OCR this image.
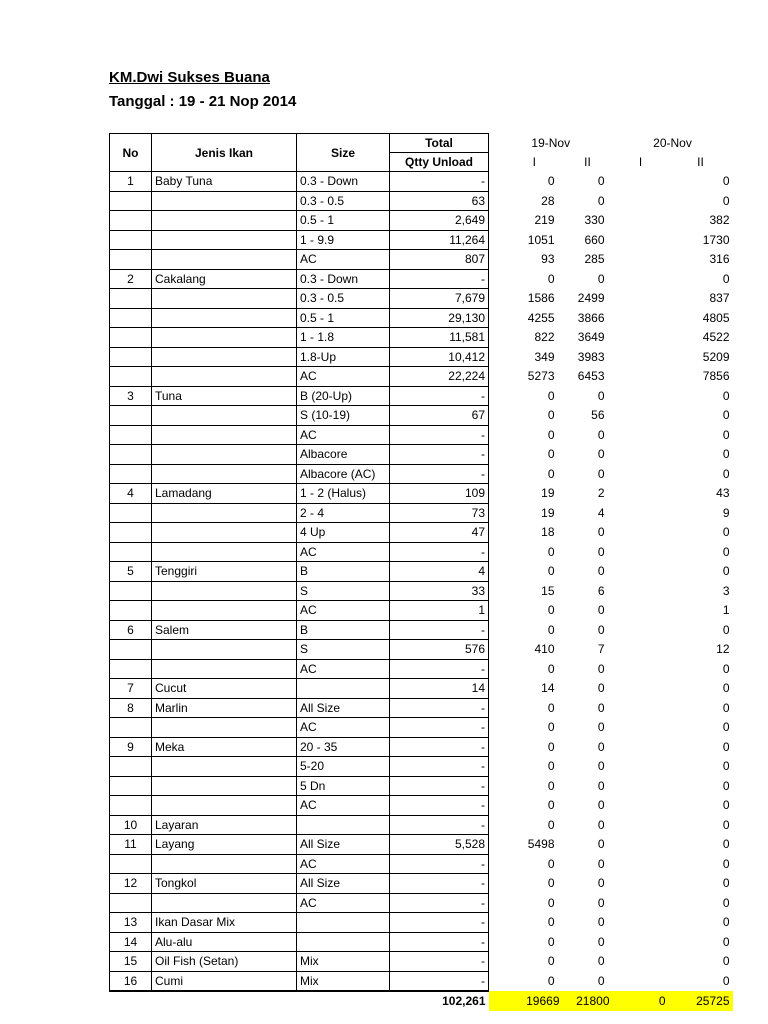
KM.Dwi Sukses Buana
Tanggal : 19 - 21 Nop 2014
No	Jenis Ikan	Size	Total	19-Nov		20-Nov	
			Qtty Unload	I	II	I	II
1	Baby Tuna	0.3 - Down	-	0	0		0
		0.3 - 0.5	63	28	0		0
		0.5 - 1	2,649	219	330		382
		1 - 9.9	11,264	1051	660		1730
		AC	807	93	285		316
2	Cakalang	0.3 - Down	-	0	0		0
		0.3 - 0.5	7,679	1586	2499		837
		0.5 - 1	29,130	4255	3866		4805
		1 - 1.8	11,581	822	3649		4522
		1.8-Up	10,412	349	3983		5209
		AC	22,224	5273	6453		7856
3	Tuna	B (20-Up)	-	0	0		0
		S (10-19)	67	0	56		0
		AC	-	0	0		0
		Albacore	-	0	0		0
		Albacore (AC)	-	0	0		0
4	Lamadang	1 - 2 (Halus)	109	19	2		43
		2 - 4	73	19	4		9
		4 Up	47	18	0		0
		AC	-	0	0		0
5	Tenggiri	B	4	0	0		0
		S	33	15	6		3
		AC	1	0	0		1
6	Salem	B	-	0	0		0
		S	576	410	7		12
		AC	-	0	0		0
7	Cucut		14	14	0		0
8	Marlin	All Size	-	0	0		0
		AC	-	0	0		0
9	Meka	20 - 35	-	0	0		0
		5-20	-	0	0		0
		5 Dn	-	0	0		0
		AC	-	0	0		0
10	Layaran		-	0	0		0
11	Layang	All Size	5,528	5498	0		0
		AC	-	0	0		0
12	Tongkol	All Size	-	0	0		0
		AC	-	0	0		0
13	Ikan Dasar Mix		-	0	0		0
14	Alu-alu		-	0	0		0
15	Oil Fish (Setan)	Mix	-	0	0		0
16	Cumi	Mix	-	0	0		0
			102,261	19669	21800	0	25725
